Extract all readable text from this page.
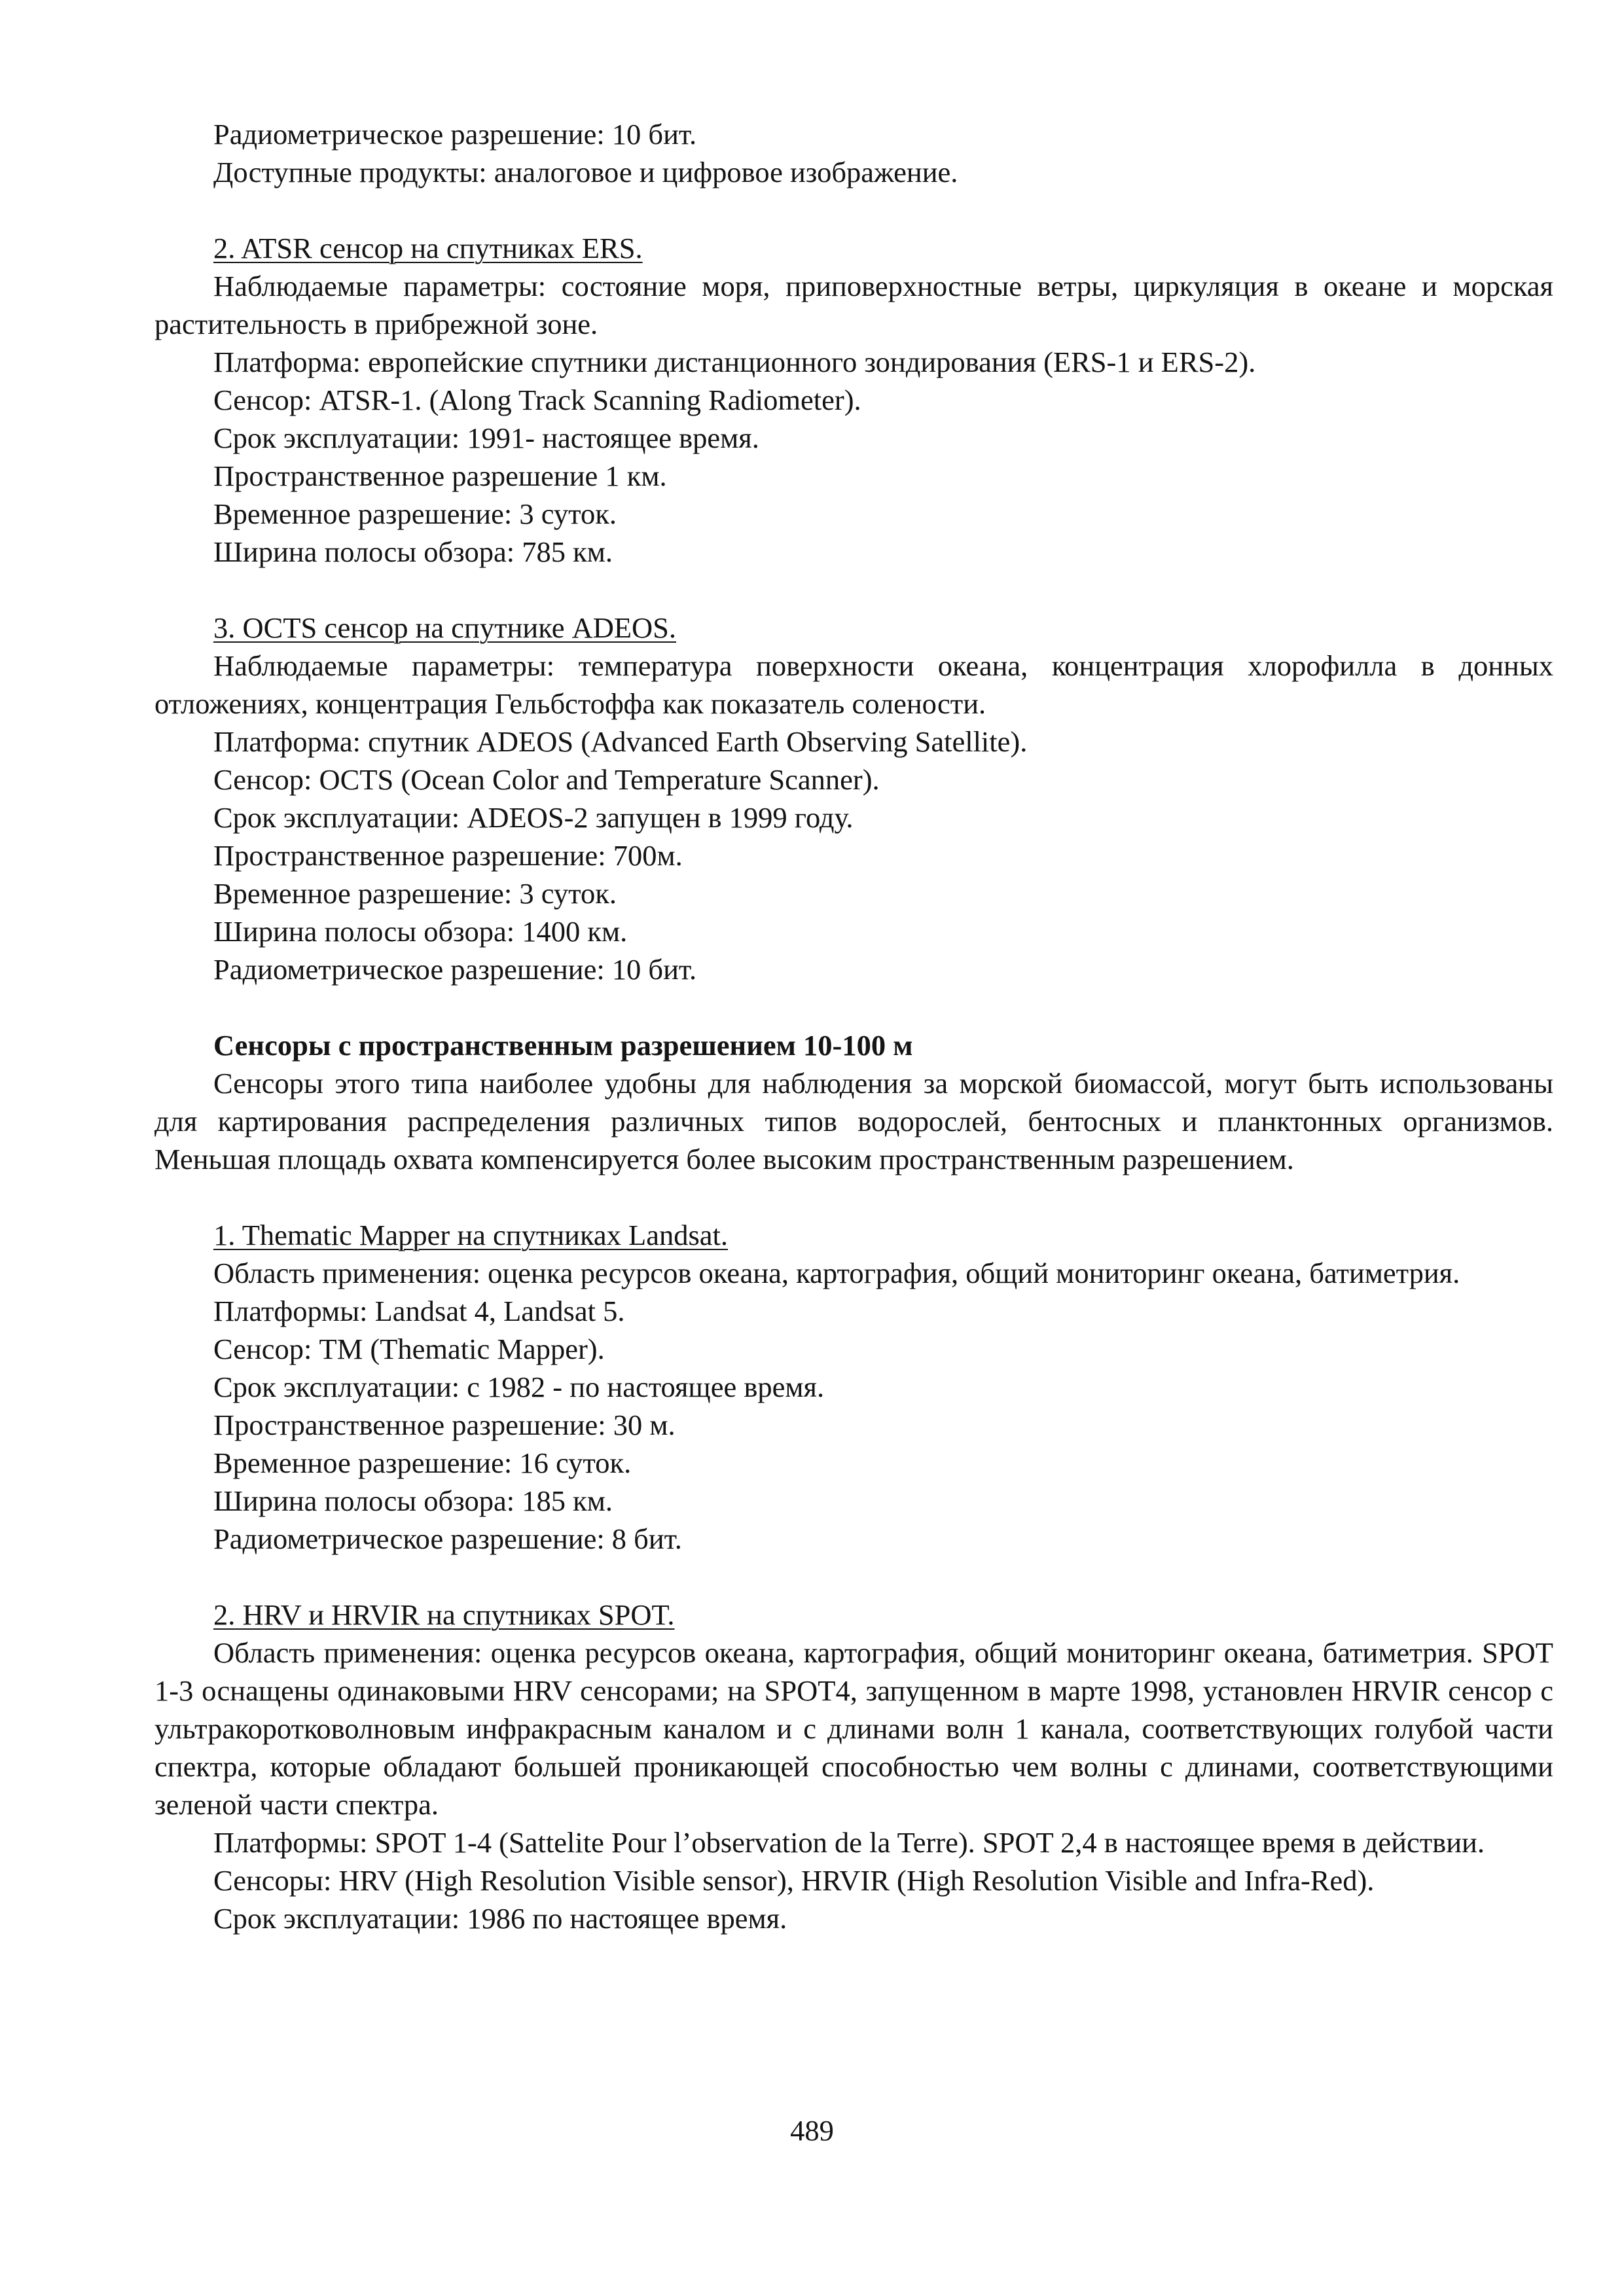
Радиометрическое разрешение: 10 бит.

Доступные продукты: аналоговое и цифровое изображение.

2. ATSR сенсор на спутниках ERS.

Наблюдаемые параметры: состояние моря, приповерхностные ветры, циркуляция в океане и морская растительность в прибрежной зоне.

Платформа: европейские спутники дистанционного зондирования (ERS-1 и ERS-2).

Сенсор: ATSR-1. (Along Track Scanning Radiometer).

Срок эксплуатации: 1991- настоящее время.

Пространственное разрешение 1 км.

Временное разрешение: 3 суток.

Ширина полосы обзора: 785 км.

3. OCTS сенсор на спутнике ADEOS.

Наблюдаемые параметры: температура поверхности океана, концентрация хлорофилла в донных отложениях, концентрация Гельбстоффа как показатель солености.

Платформа: спутник ADEOS (Advanced Earth Observing Satellite).

Сенсор: OCTS (Ocean Color and Temperature Scanner).

Срок эксплуатации: ADEOS-2 запущен в 1999 году.

Пространственное разрешение: 700м.

Временное разрешение: 3 суток.

Ширина полосы обзора: 1400 км.

Радиометрическое разрешение: 10 бит.

Сенсоры с пространственным разрешением 10-100 м

Сенсоры этого типа наиболее удобны для наблюдения за морской биомассой, могут быть использованы для картирования распределения различных типов водорослей, бентосных и планктонных организмов. Меньшая площадь охвата компенсируется более высоким пространственным разрешением.

1. Thematic Mapper на спутниках Landsat.

Область применения: оценка ресурсов океана, картография, общий мониторинг океана, батиметрия.

Платформы: Landsat 4, Landsat 5.

Сенсор: TM (Thematic Mapper).

Срок эксплуатации: с 1982 - по настоящее время.

Пространственное разрешение: 30 м.

Временное разрешение: 16 суток.

Ширина полосы обзора: 185 км.

Радиометрическое разрешение: 8 бит.

2. HRV и HRVIR на спутниках SPOT.

Область применения: оценка ресурсов океана, картография, общий мониторинг океана, батиметрия. SPOT 1-3 оснащены одинаковыми HRV сенсорами; на SPOT4, запущенном в марте 1998, установлен HRVIR сенсор с ультракоротковолновым инфракрасным каналом и с длинами волн 1 канала, соответствующих голубой части спектра, которые обладают большей проникающей способностью чем волны с длинами, соответствующими зеленой части спектра.

Платформы: SPOT 1-4 (Sattelite Pour l’observation de la Terre). SPOT 2,4 в настоящее время в действии.

Сенсоры: HRV (High Resolution Visible sensor), HRVIR (High Resolution Visible and Infra-Red).

Срок эксплуатации: 1986 по настоящее время.

489
